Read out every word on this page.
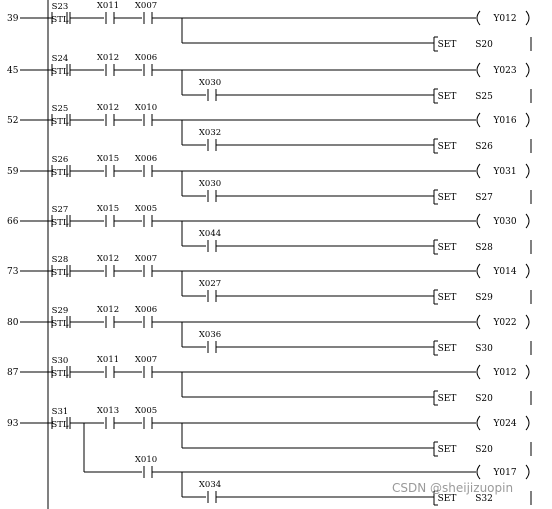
39
S23
STL
X011 X007
Y012
SET S20
45
S24
STL
X012 X006
Y023
X030
SET S25
52
S25
STL
X012 X010
Y016
X032
SET S26
59
S26
STL
X015 X006
Y031
X030
SET S27
66
S27
STL
X015 X005
Y030
X044
SET S28
73
S28
STL
X012 X007
Y014
X027
SET S29
80
S29
STL
X012 X006
Y022
X036
SET S30
87
S30
STL
X011 X007
Y012
SET S20
93
S31
STL
X013 X005
Y024
SET S20
X010
Y017
X034
SET S32
CSDN @sheijizuopin
